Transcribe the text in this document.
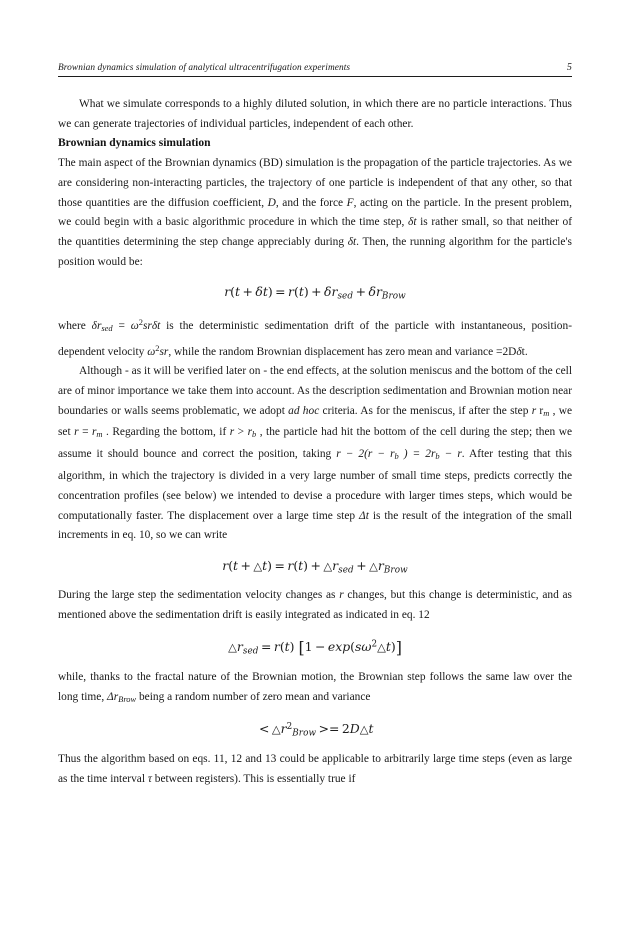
Brownian dynamics simulation of analytical ultracentrifugation experiments	5

What we simulate corresponds to a highly diluted solution, in which there are no particle interactions. Thus we can generate trajectories of individual particles, independent of each other.

Brownian dynamics simulation

The main aspect of the Brownian dynamics (BD) simulation is the propagation of the particle trajectories. As we are considering non-interacting particles, the trajectory of one particle is independent of that any other, so that those quantities are the diffusion coefficient, D, and the force F, acting on the particle. In the present problem, we could begin with a basic algorithmic procedure in which the time step, δt is rather small, so that neither of the quantities determining the step change appreciably during δt. Then, the running algorithm for the particle's position would be:

$r(t + \delta t) = r(t) + \delta r_{sed} + \delta r_{Brow}$

where δrsed = $\omega^2sr\delta t$ is the deterministic sedimentation drift of the particle with instantaneous, position-dependent velocity $\omega^2sr$, while the random Brownian displacement has zero mean and variance =2Dδt.

Although - as it will be verified later on - the end effects, at the solution meniscus and the bottom of the cell are of minor importance we take them into account. As the description sedimentation and Brownian motion near boundaries or walls seems problematic, we adopt ad hoc criteria. As for the meniscus, if after the step r rm , we set r = rm . Regarding the bottom, if r > rb , the particle had hit the bottom of the cell during the step; then we assume it should bounce and correct the position, taking r − 2(r − rb ) = 2rb − r. After testing that this algorithm, in which the trajectory is divided in a very large number of small time steps, predicts correctly the concentration profiles (see below) we intended to devise a procedure with larger times steps, which would be computationally faster. The displacement over a large time step Δt is the result of the integration of the small increments in eq. 10, so we can write

r(t + △t) = $r(t) + \triangle r_{sed}$ + $\triangle r_{Brow}$

During the large step the sedimentation velocity changes as r changes, but this change is deterministic, and as mentioned above the sedimentation drift is easily integrated as indicated in eq. 12

$\triangle r_{sed} = r(t) [1$ − $\exp(s\omega^2\triangle t)$]

while, thanks to the fractal nature of the Brownian motion, the Brownian step follows the same law over the long time, ΔrBrow being a random number of zero mean and variance

< $\triangle r^2_{Brow}$ >= 2D△t

Thus the algorithm based on eqs. 11, 12 and 13 could be applicable to arbitrarily large time steps (even as large as the time interval τ between registers). This is essentially true if
